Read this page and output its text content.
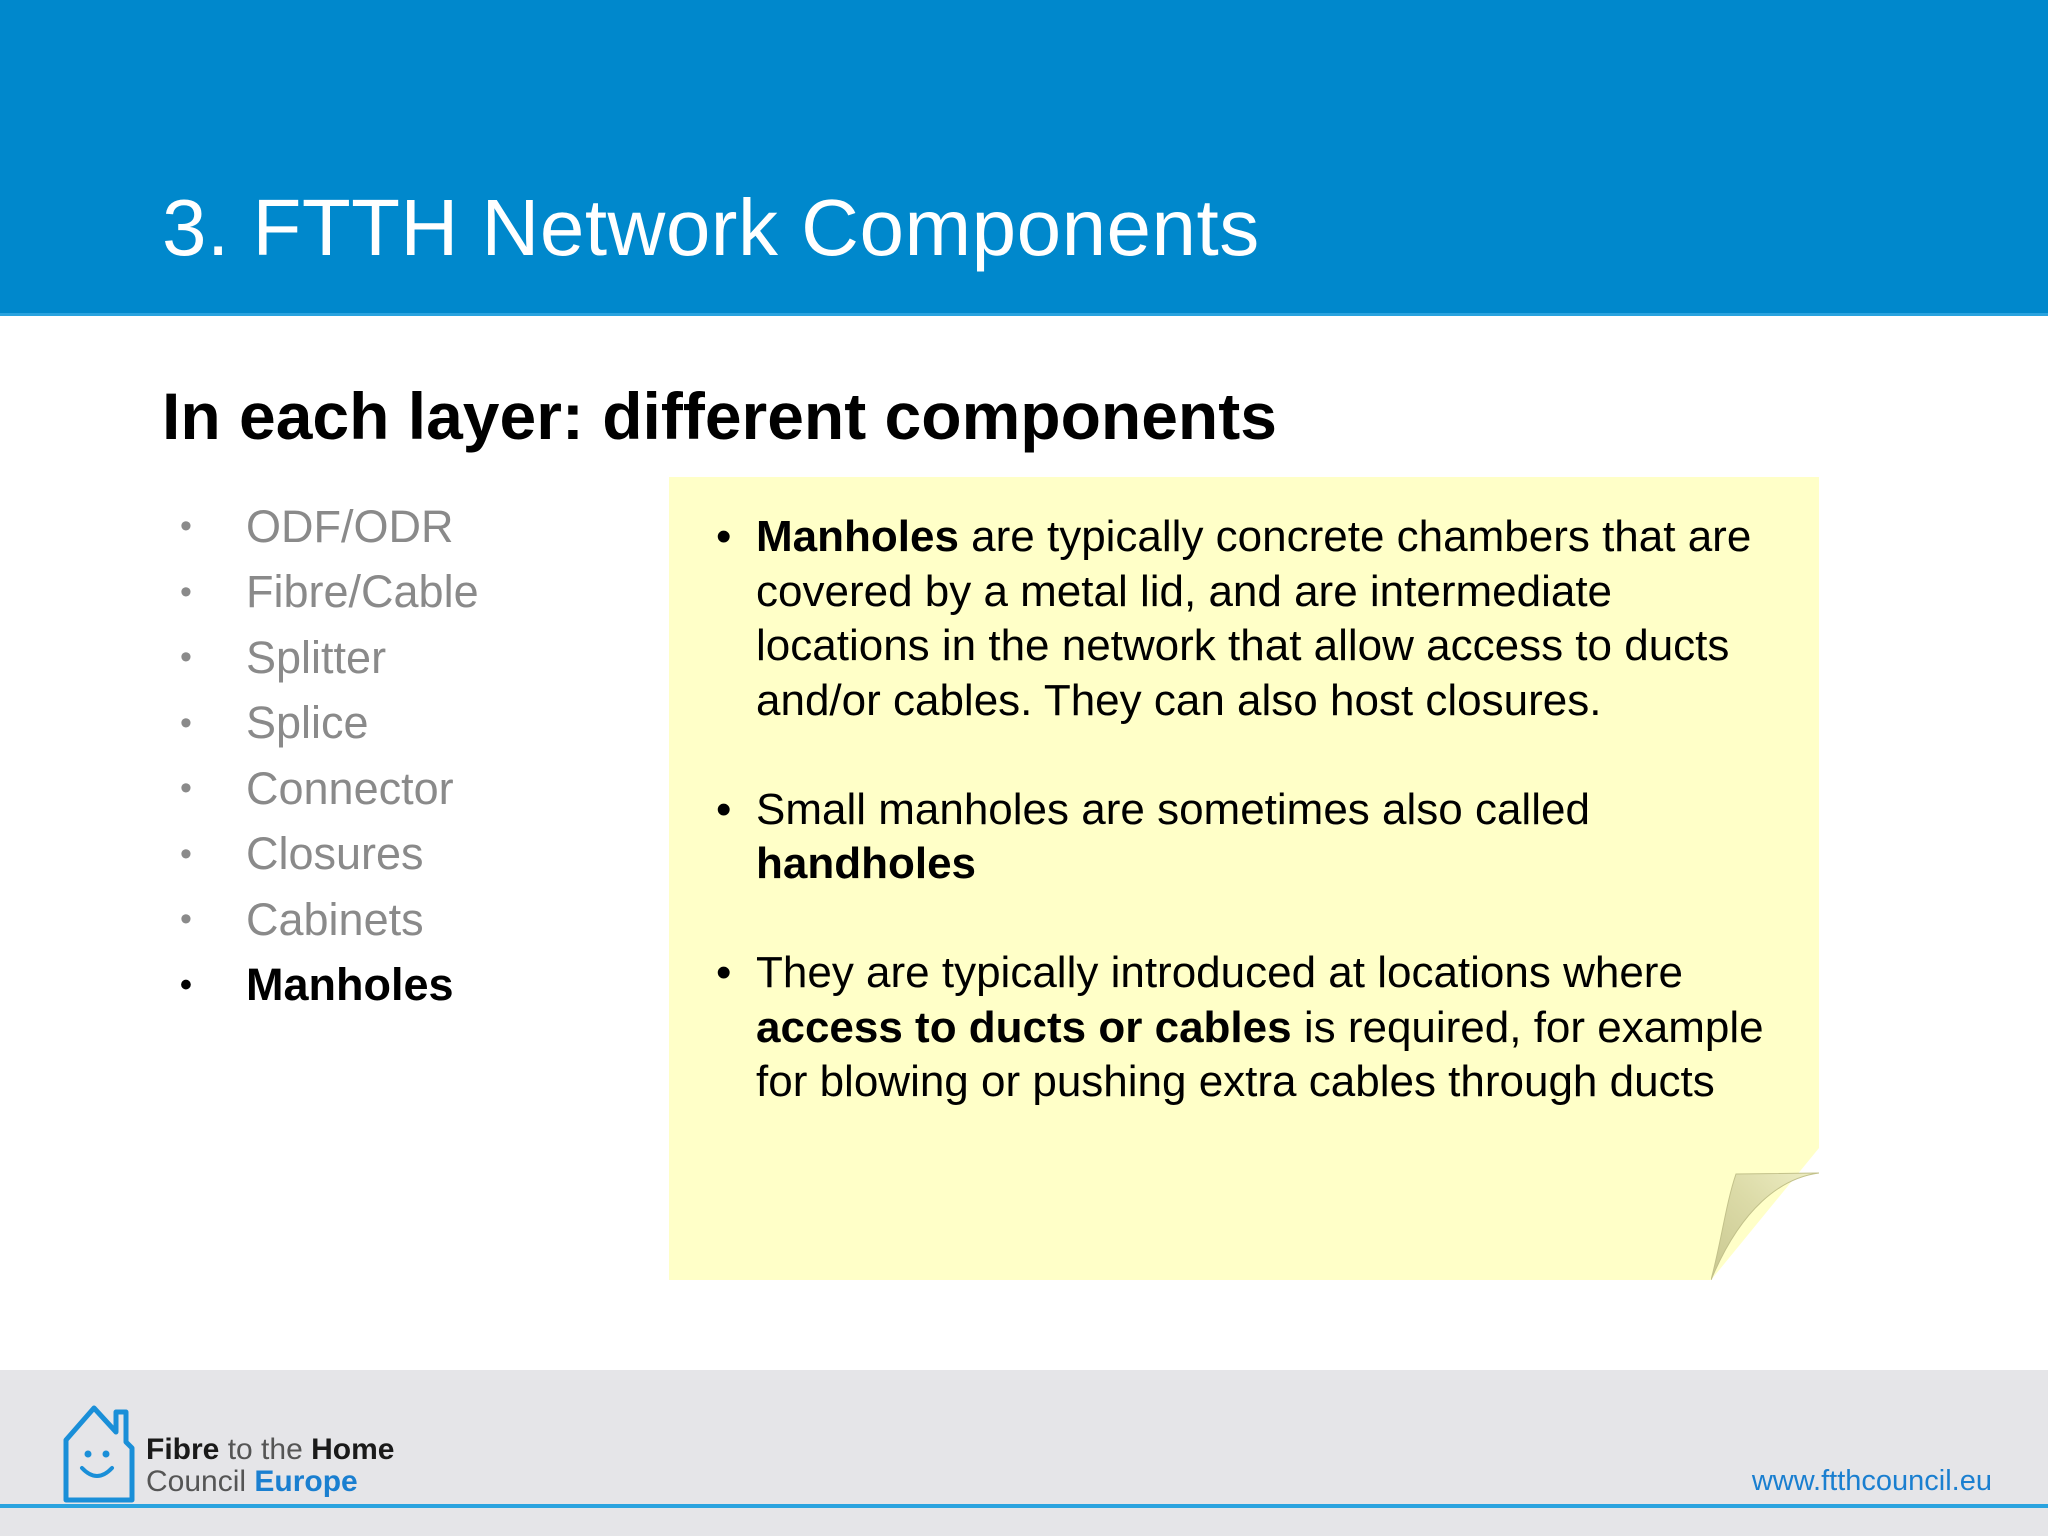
3. FTTH Network Components
In each layer: different components
•	ODF/ODR
•	Fibre/Cable
•	Splitter
•	Splice
•	Connector
•	Closures
•	Cabinets
•	Manholes
• Manholes are typically concrete chambers that are covered by a metal lid, and are intermediate locations in the network that allow access to ducts and/or cables. They can also host closures.
• Small manholes are sometimes also called handholes
• They are typically introduced at locations where access to ducts or cables is required, for example for blowing or pushing extra cables through ducts
Fibre to the Home
Council Europe	www.ftthcouncil.eu
